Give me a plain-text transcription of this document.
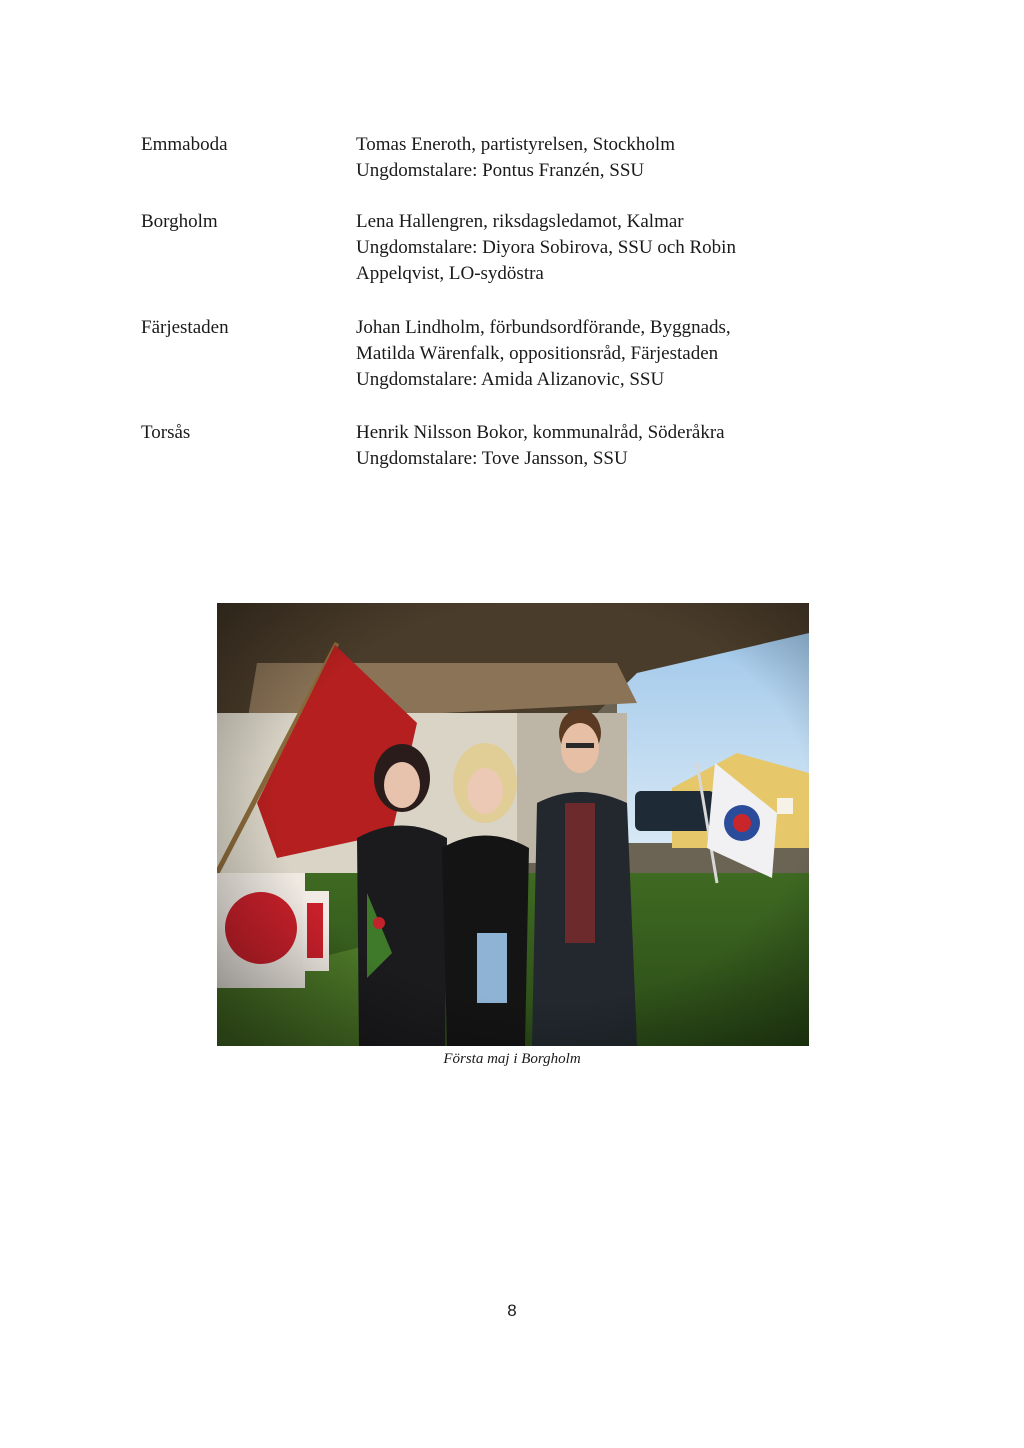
Emmaboda	Tomas Eneroth, partistyrelsen, Stockholm
Ungdomstalare: Pontus Franzén, SSU
Borgholm	Lena Hallengren, riksdagsledamot, Kalmar
Ungdomstalare: Diyora Sobirova, SSU och Robin
Appelqvist, LO-sydöstra
Färjestaden	Johan Lindholm, förbundsordförande, Byggnads,
Matilda Wärenfalk, oppositionsråd, Färjestaden
Ungdomstalare: Amida Alizanovic, SSU
Torsås	Henrik Nilsson Bokor, kommunalråd, Söderåkra
Ungdomstalare: Tove Jansson, SSU
Första maj i Borgholm
8
